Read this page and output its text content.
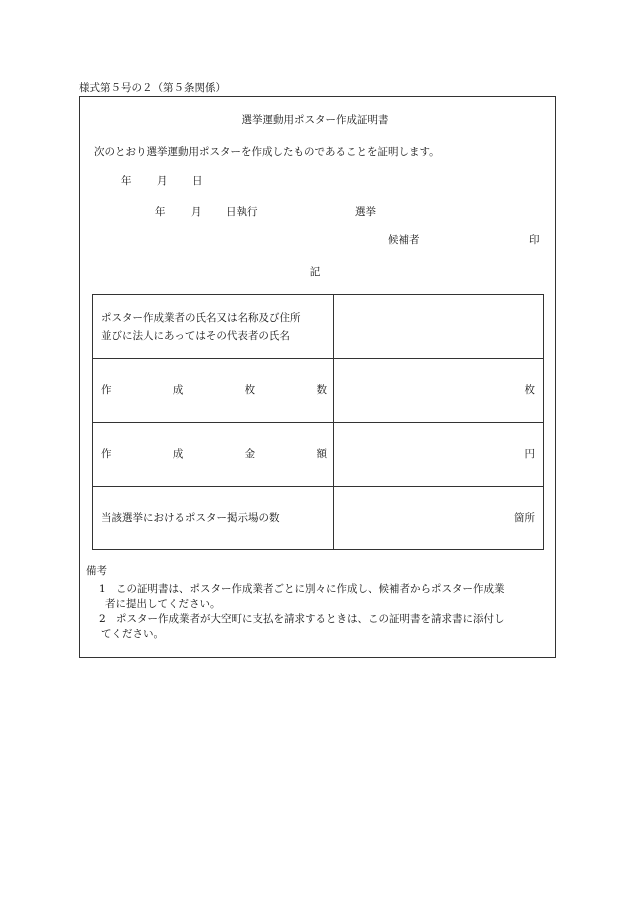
様式第５号の２（第５条関係）
選挙運動用ポスター作成証明書
次のとおり選挙運動用ポスターを作成したものであることを証明します。
年 月 日
年 月 日執行	選挙
候補者	印
記
ポスター作成業者の氏名又は名称及び住所
並びに法人にあってはその代表者の氏名	

作 成 枚 数	枚

作 成 金 額	円
当該選挙におけるポスター掲示場の数	箇所
備考
1 この証明書は、ポスター作成業者ごとに別々に作成し、候補者からポスター作成業
者に提出してください。
2 ポスター作成業者が大空町に支払を請求するときは、この証明書を請求書に添付し
てください。
